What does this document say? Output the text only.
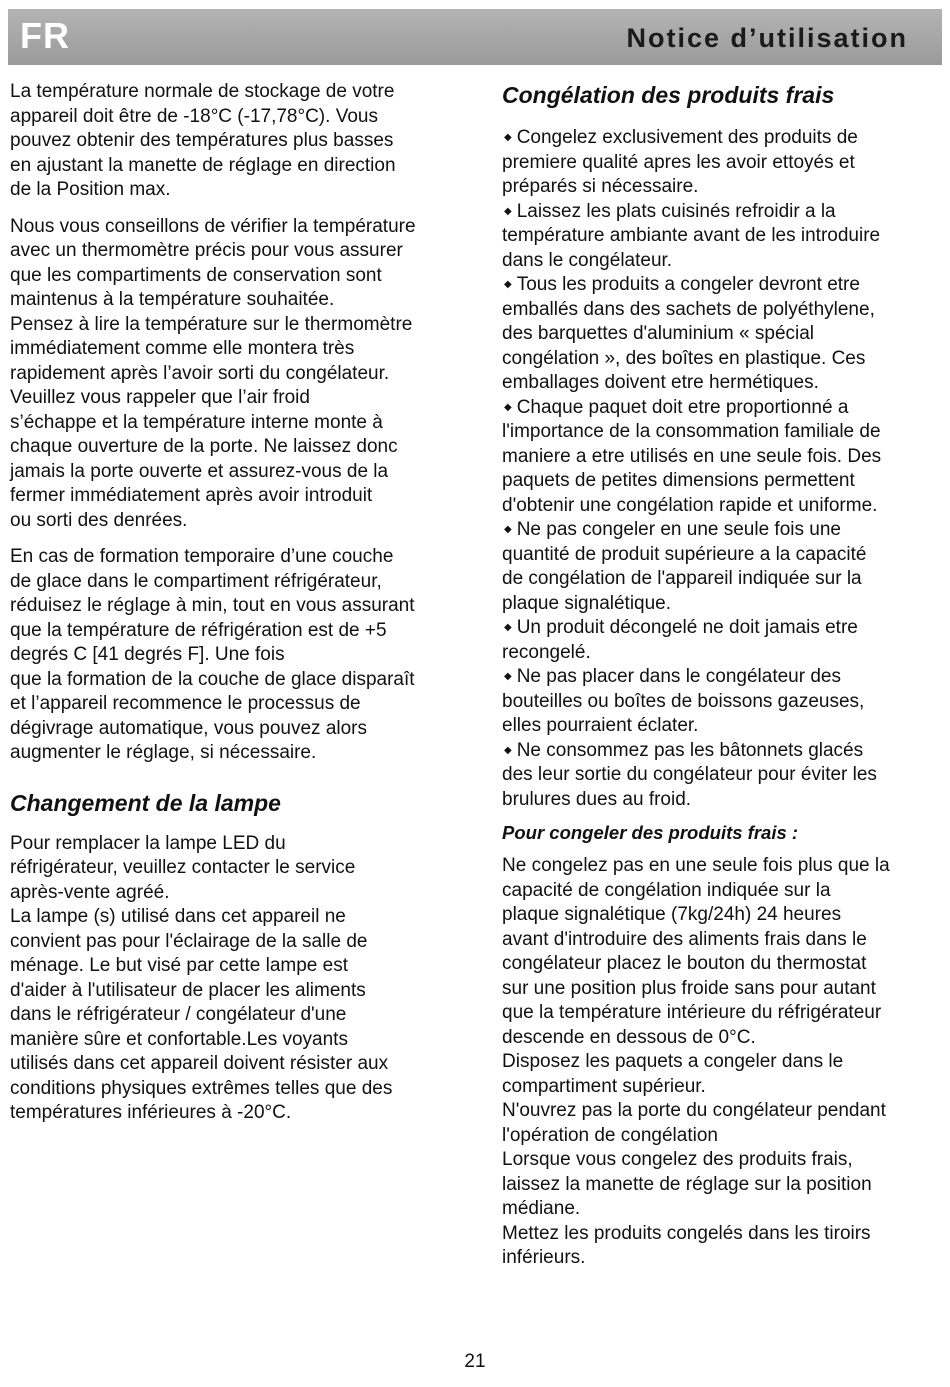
FR	Notice d’utilisation

La température normale de stockage de votre
appareil doit être de -18°C (-17,78°C). Vous
pouvez obtenir des températures plus basses
en ajustant la manette de réglage en direction
de la Position max.

Nous vous conseillons de vérifier la température
avec un thermomètre précis pour vous assurer
que les compartiments de conservation sont
maintenus à la température souhaitée.
Pensez à lire la température sur le thermomètre
immédiatement comme elle montera très
rapidement après l’avoir sorti du congélateur.
Veuillez vous rappeler que l’air froid
s’échappe et la température interne monte à
chaque ouverture de la porte. Ne laissez donc
jamais la porte ouverte et assurez-vous de la
fermer immédiatement après avoir introduit
ou sorti des denrées.

En cas de formation temporaire d’une couche
de glace dans le compartiment réfrigérateur,
réduisez le réglage à min, tout en vous assurant
que la température de réfrigération est de +5
degrés C [41 degrés F]. Une fois
que la formation de la couche de glace disparaît
et l’appareil recommence le processus de
dégivrage automatique, vous pouvez alors
augmenter le réglage, si nécessaire.

Changement de la lampe

Pour remplacer la lampe LED du
réfrigérateur, veuillez contacter le service
après-vente agréé.
La lampe (s) utilisé dans cet appareil ne
convient pas pour l'éclairage de la salle de
ménage. Le but visé par cette lampe est
d'aider à l'utilisateur de placer les aliments
dans le réfrigérateur / congélateur d'une
manière sûre et confortable.Les voyants
utilisés dans cet appareil doivent résister aux
conditions physiques extrêmes telles que des
températures inférieures à -20°C.

Congélation des produits frais

◆ Congelez exclusivement des produits de
premiere qualité apres les avoir ettoyés et
préparés si nécessaire.

◆ Laissez les plats cuisinés refroidir a la
température ambiante avant de les introduire
dans le congélateur.

◆ Tous les produits a congeler devront etre
emballés dans des sachets de polyéthylene,
des barquettes d'aluminium « spécial
congélation », des boîtes en plastique. Ces
emballages doivent etre hermétiques.

◆ Chaque paquet doit etre proportionné a
l'importance de la consommation familiale de
maniere a etre utilisés en une seule fois. Des
paquets de petites dimensions permettent
d'obtenir une congélation rapide et uniforme.

◆ Ne pas congeler en une seule fois une
quantité de produit supérieure a la capacité
de congélation de l'appareil indiquée sur la
plaque signalétique.

◆ Un produit décongelé ne doit jamais etre
recongelé.

◆ Ne pas placer dans le congélateur des
bouteilles ou boîtes de boissons gazeuses,
elles pourraient éclater.

◆ Ne consommez pas les bâtonnets glacés
des leur sortie du congélateur pour éviter les
brulures dues au froid.

Pour congeler des produits frais :

Ne congelez pas en une seule fois plus que la
capacité de congélation indiquée sur la
plaque signalétique (7kg/24h) 24 heures
avant d'introduire des aliments frais dans le
congélateur placez le bouton du thermostat
sur une position plus froide sans pour autant
que la température intérieure du réfrigérateur
descende en dessous de 0°C.
Disposez les paquets a congeler dans le
compartiment supérieur.
N'ouvrez pas la porte du congélateur pendant
l'opération de congélation
Lorsque vous congelez des produits frais,
laissez la manette de réglage sur la position
médiane.
Mettez les produits congelés dans les tiroirs
inférieurs.

21
